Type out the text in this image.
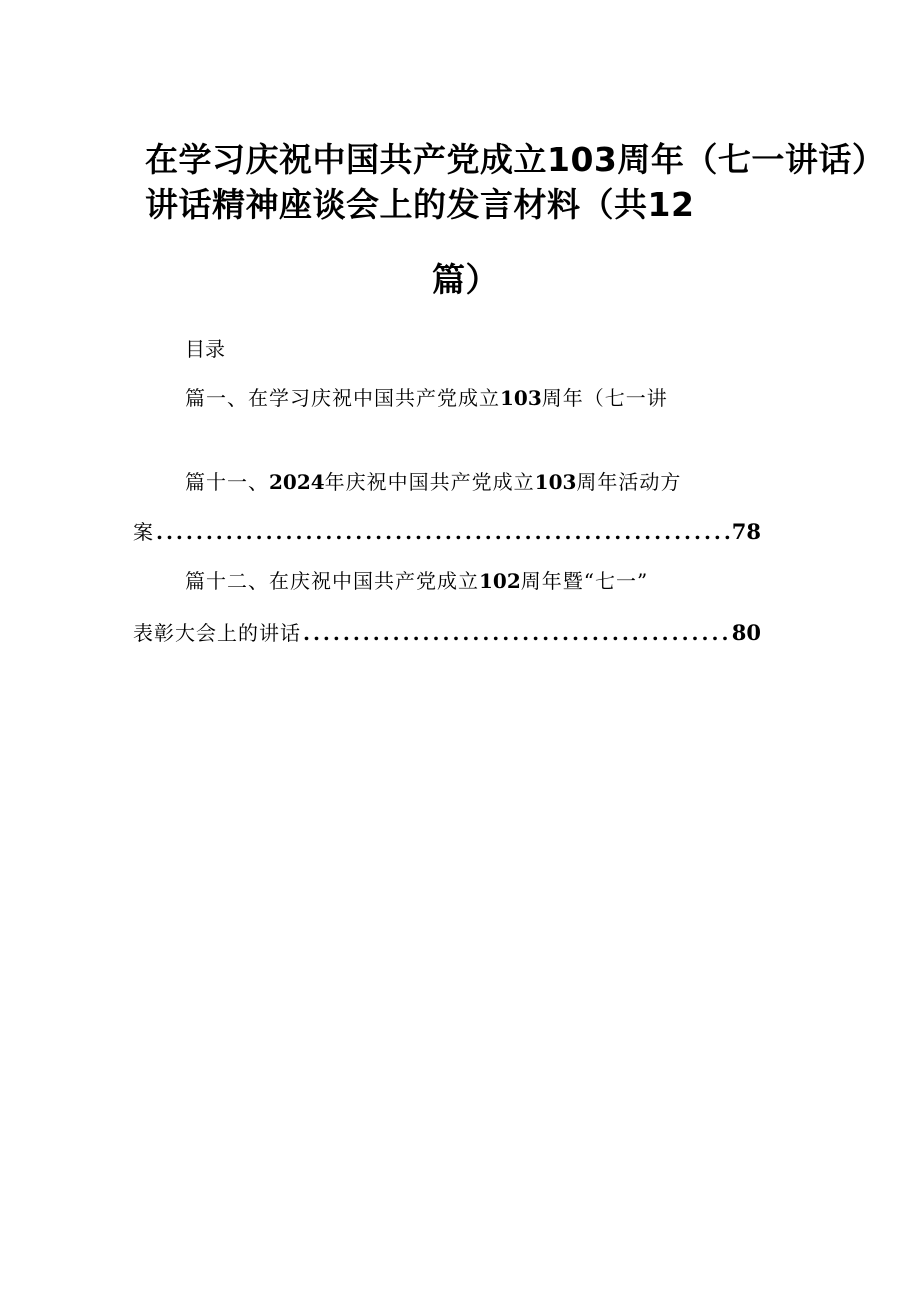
在学习庆祝中国共产党成立103周年（七一讲话）
讲话精神座谈会上的发言材料（共12
篇）
目录
篇一、在学习庆祝中国共产党成立103周年（七一讲
篇十一、2024年庆祝中国共产党成立103周年活动方
案 .....	78
篇十二、在庆祝中国共产党成立102周年暨“七一”
表彰大会上的讲话 .....	80
